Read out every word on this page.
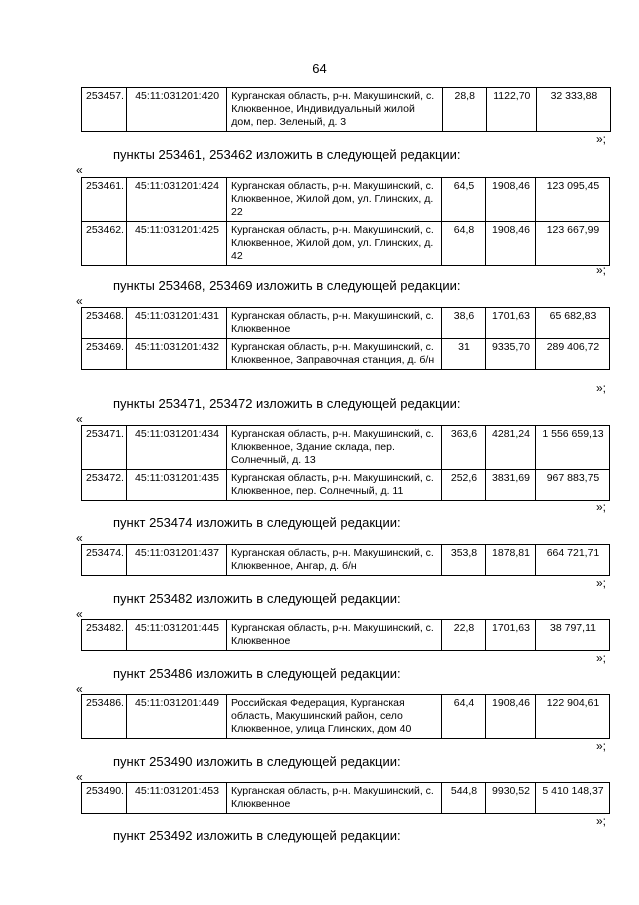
64
253457.	45:11:031201:420	Курганская область, р-н. Макушинский, с. Клюквенное, Индивидуальный жилой дом, пер. Зеленый, д. 3	28,8	1122,70	32 333,88
»;
пункты 253461, 253462 изложить в следующей редакции:
«
253461.	45:11:031201:424	Курганская область, р-н. Макушинский, с. Клюквенное, Жилой дом, ул. Глинских, д. 22	64,5	1908,46	123 095,45
253462.	45:11:031201:425	Курганская область, р-н. Макушинский, с. Клюквенное, Жилой дом, ул. Глинских, д. 42	64,8	1908,46	123 667,99
»;
пункты 253468, 253469 изложить в следующей редакции:
«
253468.	45:11:031201:431	Курганская область, р-н. Макушинский, с. Клюквенное	38,6	1701,63	65 682,83
253469.	45:11:031201:432	Курганская область, р-н. Макушинский, с. Клюквенное, Заправочная станция, д. б/н	31	9335,70	289 406,72
»;
пункты 253471, 253472 изложить в следующей редакции:
«
253471.	45:11:031201:434	Курганская область, р-н. Макушинский, с. Клюквенное, Здание склада, пер. Солнечный, д. 13	363,6	4281,24	1 556 659,13
253472.	45:11:031201:435	Курганская область, р-н. Макушинский, с. Клюквенное, пер. Солнечный, д. 11	252,6	3831,69	967 883,75
»;
пункт 253474 изложить в следующей редакции:
«
253474.	45:11:031201:437	Курганская область, р-н. Макушинский, с. Клюквенное, Ангар, д. б/н	353,8	1878,81	664 721,71
»;
пункт 253482 изложить в следующей редакции:
«
253482.	45:11:031201:445	Курганская область, р-н. Макушинский, с. Клюквенное	22,8	1701,63	38 797,11
»;
пункт 253486 изложить в следующей редакции:
«
253486.	45:11:031201:449	Российская Федерация, Курганская область, Макушинский район, село Клюквенное, улица Глинских, дом 40	64,4	1908,46	122 904,61
»;
пункт 253490 изложить в следующей редакции:
«
253490.	45:11:031201:453	Курганская область, р-н. Макушинский, с. Клюквенное	544,8	9930,52	5 410 148,37
»;
пункт 253492 изложить в следующей редакции:
